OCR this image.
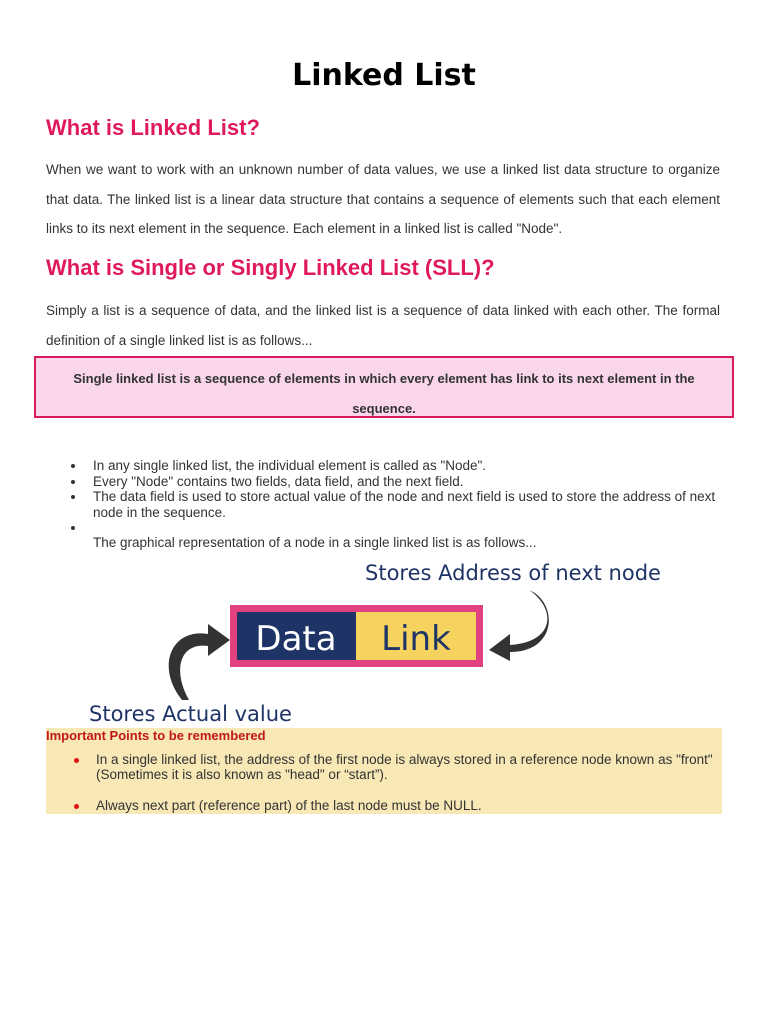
Linked List
What is Linked List?

When we want to work with an unknown number of data values, we use a linked list data structure to organize that data. The linked list is a linear data structure that contains a sequence of elements such that each element links to its next element in the sequence. Each element in a linked list is called "Node".

What is Single or Singly Linked List (SLL)?

Simply a list is a sequence of data, and the linked list is a sequence of data linked with each other. The formal definition of a single linked list is as follows...

Single linked list is a sequence of elements in which every element has link to its next element in the sequence.

In any single linked list, the individual element is called as "Node".
Every "Node" contains two fields, data field, and the next field.
The data field is used to store actual value of the node and next field is used to store the address of next node in the sequence.
The graphical representation of a node in a single linked list is as follows...
Stores Address of next node
Data Link
Stores Actual value

Important Points to be remembered

In a single linked list, the address of the first node is always stored in a reference node known as "front" (Sometimes it is also known as "head" or “start”).
Always next part (reference part) of the last node must be NULL.
